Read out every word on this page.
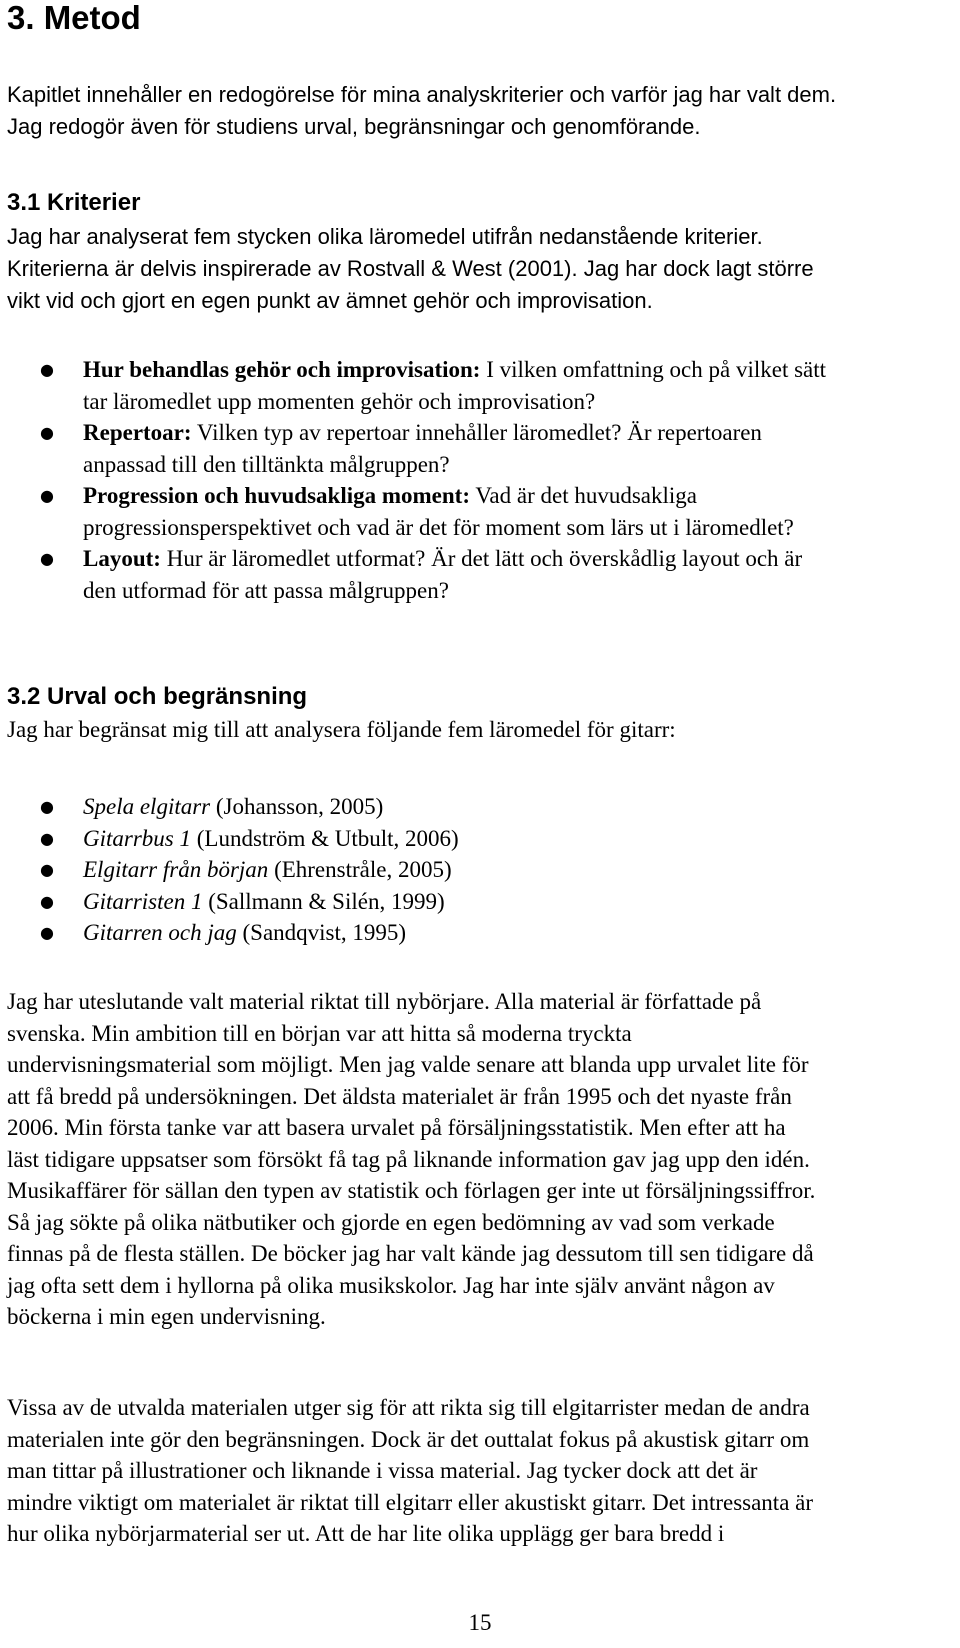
3. Metod
Kapitlet innehåller en redogörelse för mina analyskriterier och varför jag har valt dem.
Jag redogör även för studiens urval, begränsningar och genomförande.
3.1 Kriterier
Jag har analyserat fem stycken olika läromedel utifrån nedanstående kriterier.
Kriterierna är delvis inspirerade av Rostvall & West (2001). Jag har dock lagt större
vikt vid och gjort en egen punkt av ämnet gehör och improvisation.
● Hur behandlas gehör och improvisation: I vilken omfattning och på vilket sätt
tar läromedlet upp momenten gehör och improvisation?
● Repertoar: Vilken typ av repertoar innehåller läromedlet? Är repertoaren
anpassad till den tilltänkta målgruppen?
● Progression och huvudsakliga moment: Vad är det huvudsakliga
progressionsperspektivet och vad är det för moment som lärs ut i läromedlet?
● Layout: Hur är läromedlet utformat? Är det lätt och överskådlig layout och är
den utformad för att passa målgruppen?
3.2 Urval och begränsning

Jag har begränsat mig till att analysera följande fem läromedel för gitarr:

● Spela elgitarr (Johansson, 2005)
● Gitarrbus 1 (Lundström & Utbult, 2006)
● Elgitarr från början (Ehrenstråle, 2005)
● Gitarristen 1 (Sallmann & Silén, 1999)
● Gitarren och jag (Sandqvist, 1995)
Jag har uteslutande valt material riktat till nybörjare. Alla material är författade på
svenska. Min ambition till en början var att hitta så moderna tryckta
undervisningsmaterial som möjligt. Men jag valde senare att blanda upp urvalet lite för
att få bredd på undersökningen. Det äldsta materialet är från 1995 och det nyaste från
2006. Min första tanke var att basera urvalet på försäljningsstatistik. Men efter att ha
läst tidigare uppsatser som försökt få tag på liknande information gav jag upp den idén.
Musikaffärer för sällan den typen av statistik och förlagen ger inte ut försäljningssiffror.
Så jag sökte på olika nätbutiker och gjorde en egen bedömning av vad som verkade
finnas på de flesta ställen. De böcker jag har valt kände jag dessutom till sen tidigare då
jag ofta sett dem i hyllorna på olika musikskolor. Jag har inte själv använt någon av
böckerna i min egen undervisning.
Vissa av de utvalda materialen utger sig för att rikta sig till elgitarrister medan de andra
materialen inte gör den begränsningen. Dock är det outtalat fokus på akustisk gitarr om
man tittar på illustrationer och liknande i vissa material. Jag tycker dock att det är
mindre viktigt om materialet är riktat till elgitarr eller akustiskt gitarr. Det intressanta är
hur olika nybörjarmaterial ser ut. Att de har lite olika upplägg ger bara bredd i
15
